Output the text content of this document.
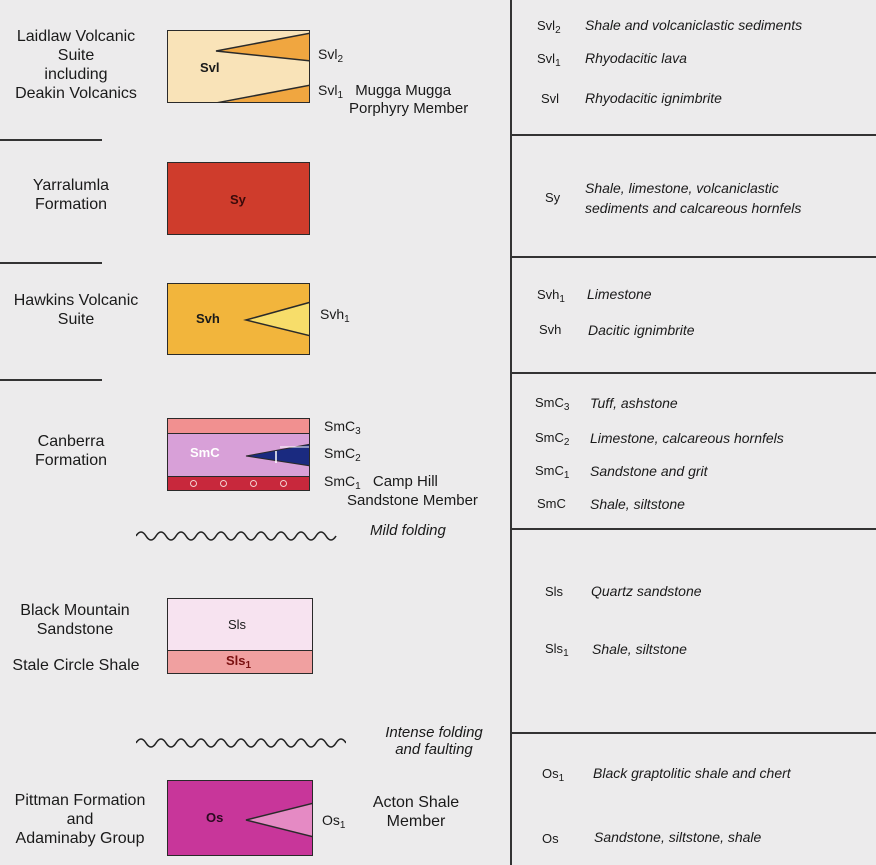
Laidlaw Volcanic
Suite
including
Deakin Volcanics
Svl
Svl$_2$
Svl$_1$ Mugga Mugga
Porphyry Member
Yarralumla
Formation	Sy
Hawkins Volcanic
Suite	Svh	Svh$_1$
Canberra
Formation	SmC
SmC$_3$
SmC$_2$
SmC$_1$ Camp Hill
Sandstone Member
Mild folding
Black Mountain
Sandstone
Stale Circle Shale
Sls
Sls$_1$
Intense folding
and faulting
Pittman Formation
and
Adaminaby Group
Os	$Os_1$
Acton Shale
Member
Svl$_2$ Shale and volcaniclastic sediments
Svl$_1$ Rhyodacitic lava
Svl Rhyodacitic ignimbrite
Sy
Shale, limestone, volcaniclastic
sediments and calcareous hornfels
Svh$_1$ Limestone
Svh Dacitic ignimbrite
SmC$_3$ Tuff, ashstone
SmC$_2$ Limestone, calcareous hornfels
SmC$_1$ Sandstone and grit
SmC Shale, siltstone
Sls Quartz sandstone
Sls$_1$ Shale, siltstone
$Os_1$ Black graptolitic shale and chert
Os	Sandstone, siltstone, shale
